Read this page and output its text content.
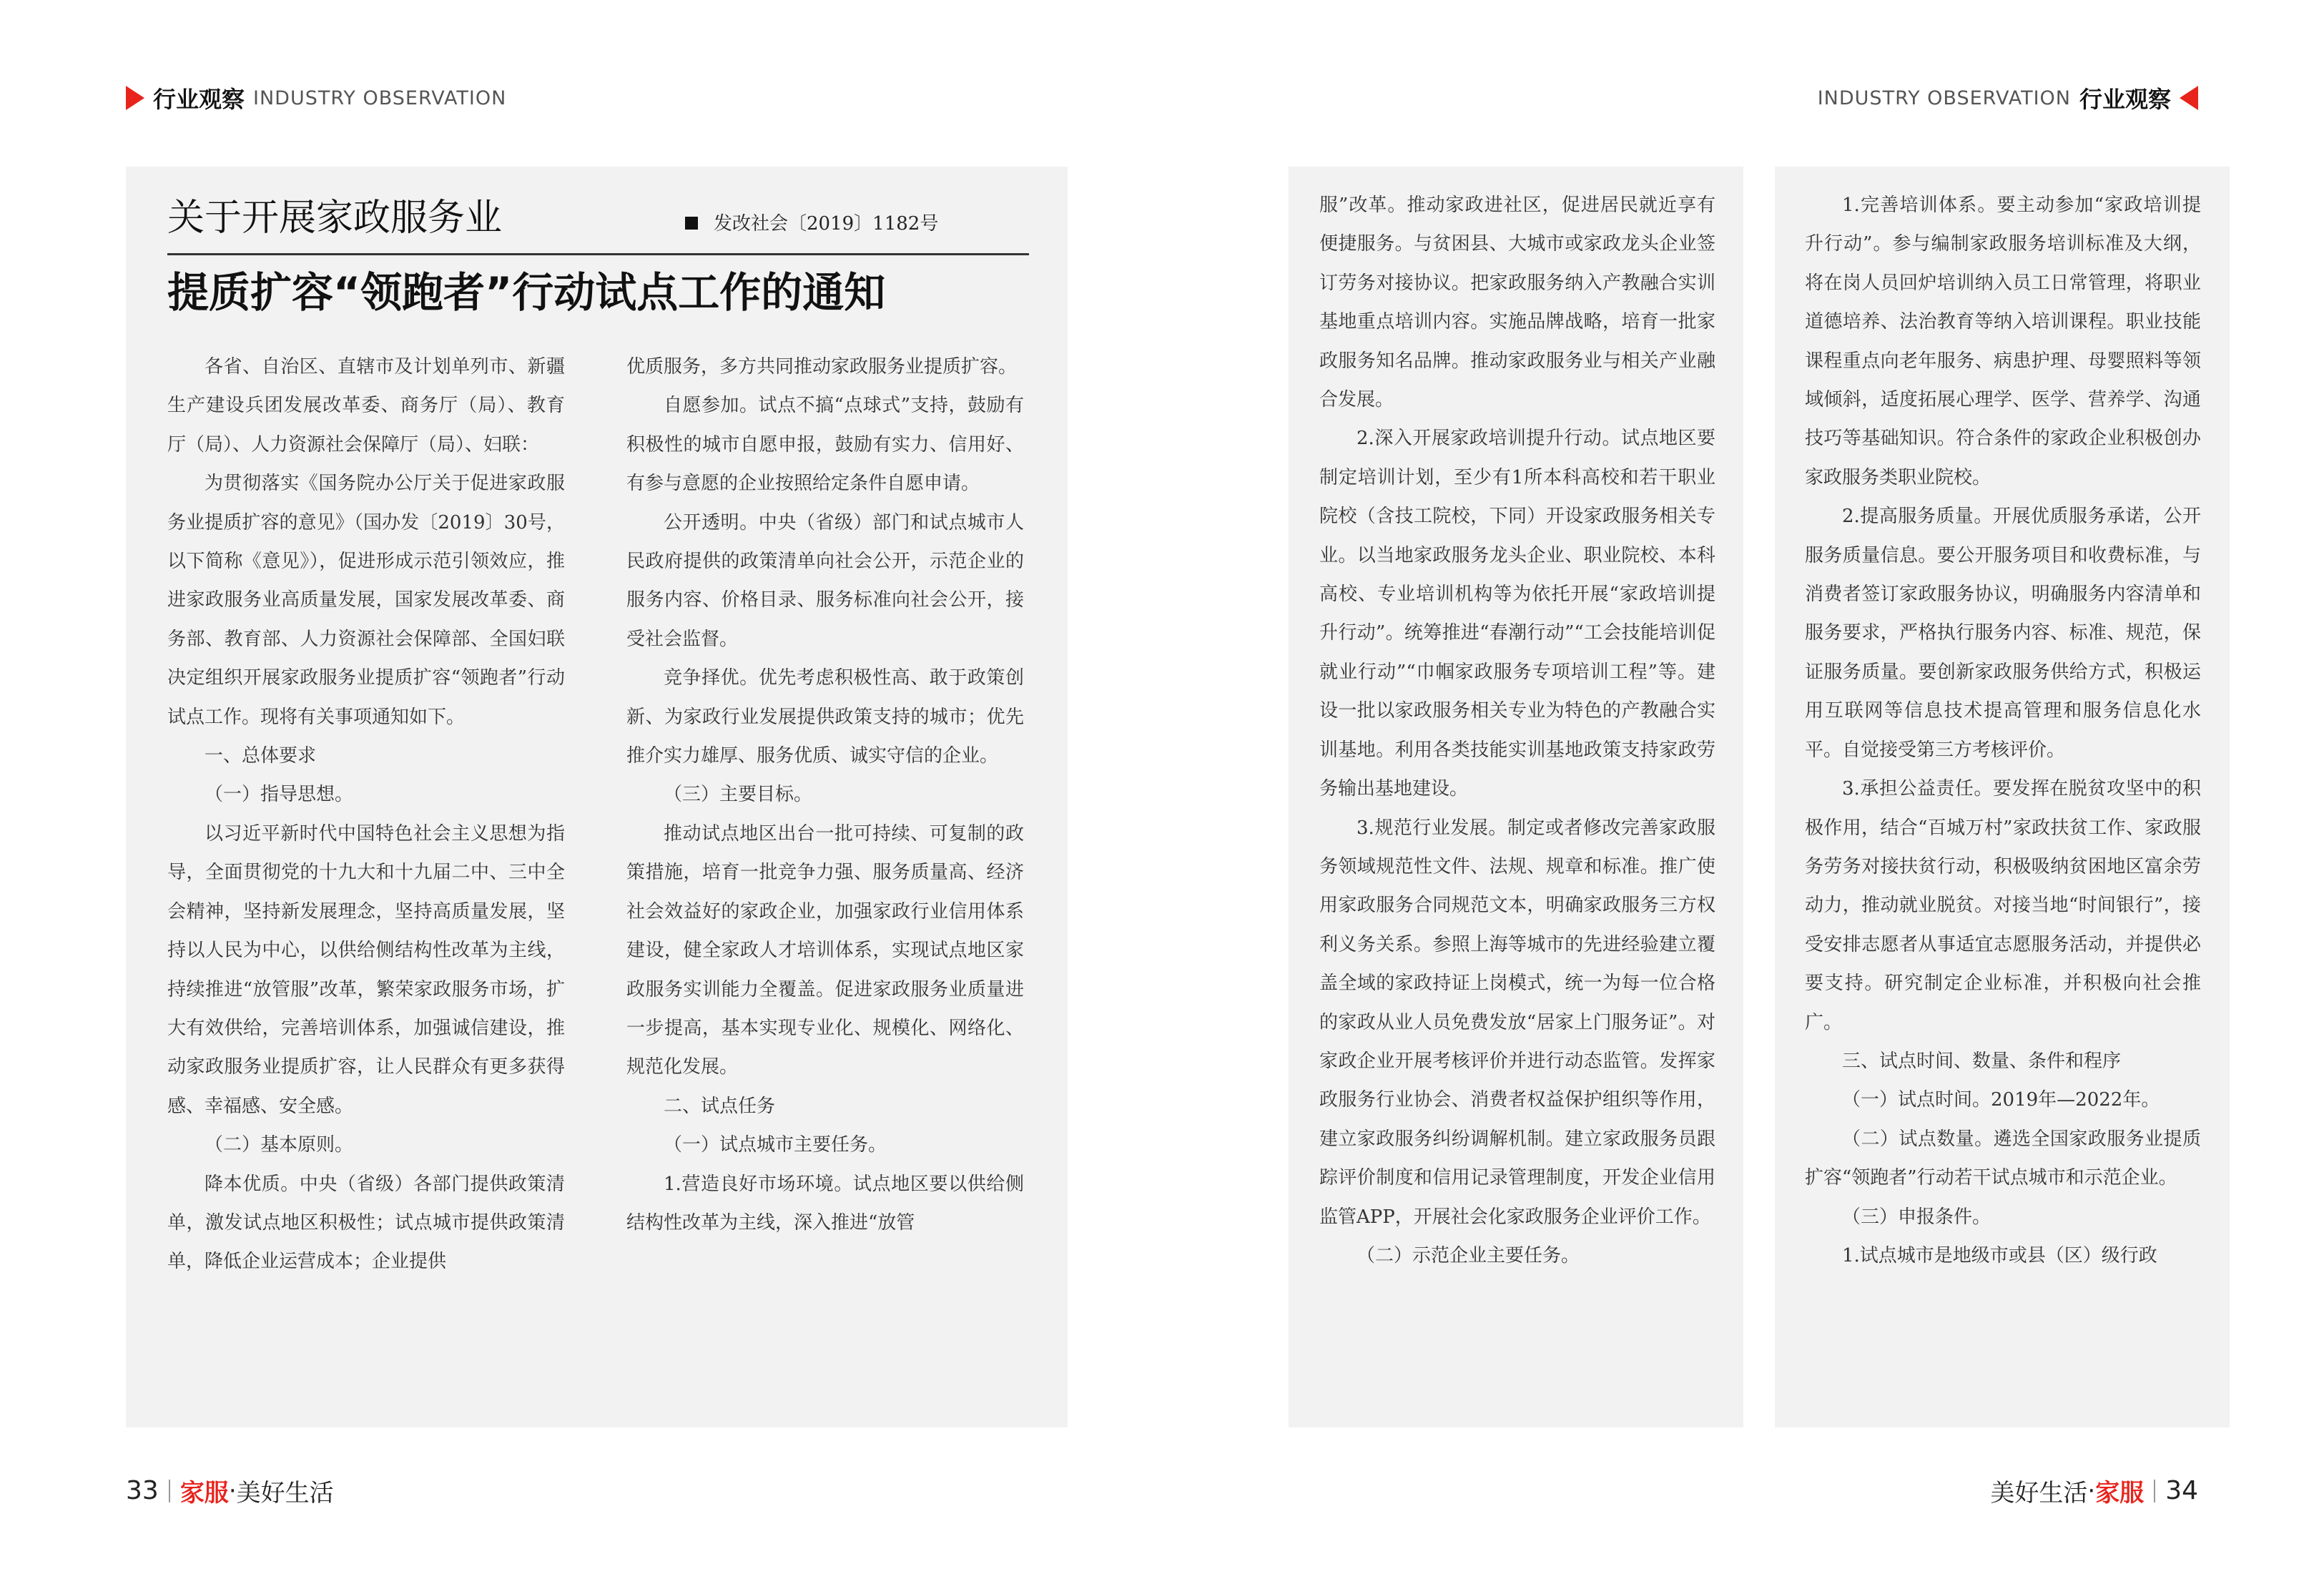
行业观察 INDUSTRY OBSERVATION	INDUSTRY OBSERVATION 行业观察
关于开展家政服务业	发改社会〔2019〕1182号
提质扩容“领跑者”行动试点工作的通知

各省、自治区、直辖市及计划单列市、新疆生产建设兵团发展改革委、商务厅（局）、教育厅（局）、人力资源社会保障厅（局）、妇联：

为贯彻落实《国务院办公厅关于促进家政服务业提质扩容的意见》（国办发〔2019〕30号，以下简称《意见》），促进形成示范引领效应，推进家政服务业高质量发展，国家发展改革委、商务部、教育部、人力资源社会保障部、全国妇联决定组织开展家政服务业提质扩容“领跑者”行动试点工作。现将有关事项通知如下。

一、总体要求

（一）指导思想。

以习近平新时代中国特色社会主义思想为指导，全面贯彻党的十九大和十九届二中、三中全会精神，坚持新发展理念，坚持高质量发展，坚持以人民为中心，以供给侧结构性改革为主线，持续推进“放管服”改革，繁荣家政服务市场，扩大有效供给，完善培训体系，加强诚信建设，推动家政服务业提质扩容，让人民群众有更多获得感、幸福感、安全感。

（二）基本原则。

降本优质。中央（省级）各部门提供政策清单，激发试点地区积极性；试点城市提供政策清单，降低企业运营成本；企业提供

优质服务，多方共同推动家政服务业提质扩容。

自愿参加。试点不搞“点球式”支持，鼓励有积极性的城市自愿申报，鼓励有实力、信用好、有参与意愿的企业按照给定条件自愿申请。

公开透明。中央（省级）部门和试点城市人民政府提供的政策清单向社会公开，示范企业的服务内容、价格目录、服务标准向社会公开，接受社会监督。

竞争择优。优先考虑积极性高、敢于政策创新、为家政行业发展提供政策支持的城市；优先推介实力雄厚、服务优质、诚实守信的企业。

（三）主要目标。

推动试点地区出台一批可持续、可复制的政策措施，培育一批竞争力强、服务质量高、经济社会效益好的家政企业，加强家政行业信用体系建设，健全家政人才培训体系，实现试点地区家政服务实训能力全覆盖。促进家政服务业质量进一步提高，基本实现专业化、规模化、网络化、规范化发展。

二、试点任务

（一）试点城市主要任务。

1.营造良好市场环境。试点地区要以供给侧结构性改革为主线，深入推进“放管

服”改革。推动家政进社区，促进居民就近享有便捷服务。与贫困县、大城市或家政龙头企业签订劳务对接协议。把家政服务纳入产教融合实训基地重点培训内容。实施品牌战略，培育一批家政服务知名品牌。推动家政服务业与相关产业融合发展。

2.深入开展家政培训提升行动。试点地区要制定培训计划，至少有1所本科高校和若干职业院校（含技工院校，下同）开设家政服务相关专业。以当地家政服务龙头企业、职业院校、本科高校、专业培训机构等为依托开展“家政培训提升行动”。统筹推进“春潮行动”“工会技能培训促就业行动”“巾帼家政服务专项培训工程”等。建设一批以家政服务相关专业为特色的产教融合实训基地。利用各类技能实训基地政策支持家政劳务输出基地建设。

3.规范行业发展。制定或者修改完善家政服务领域规范性文件、法规、规章和标准。推广使用家政服务合同规范文本，明确家政服务三方权利义务关系。参照上海等城市的先进经验建立覆盖全域的家政持证上岗模式，统一为每一位合格的家政从业人员免费发放“居家上门服务证”。对家政企业开展考核评价并进行动态监管。发挥家政服务行业协会、消费者权益保护组织等作用，建立家政服务纠纷调解机制。建立家政服务员跟踪评价制度和信用记录管理制度，开发企业信用监管APP，开展社会化家政服务企业评价工作。

（二）示范企业主要任务。

1.完善培训体系。要主动参加“家政培训提升行动”。参与编制家政服务培训标准及大纲，将在岗人员回炉培训纳入员工日常管理，将职业道德培养、法治教育等纳入培训课程。职业技能课程重点向老年服务、病患护理、母婴照料等领域倾斜，适度拓展心理学、医学、营养学、沟通技巧等基础知识。符合条件的家政企业积极创办家政服务类职业院校。

2.提高服务质量。开展优质服务承诺，公开服务质量信息。要公开服务项目和收费标准，与消费者签订家政服务协议，明确服务内容清单和服务要求，严格执行服务内容、标准、规范，保证服务质量。要创新家政服务供给方式，积极运用互联网等信息技术提高管理和服务信息化水平。自觉接受第三方考核评价。

3.承担公益责任。要发挥在脱贫攻坚中的积极作用，结合“百城万村”家政扶贫工作、家政服务劳务对接扶贫行动，积极吸纳贫困地区富余劳动力，推动就业脱贫。对接当地“时间银行”，接受安排志愿者从事适宜志愿服务活动，并提供必要支持。研究制定企业标准，并积极向社会推广。

三、试点时间、数量、条件和程序

（一）试点时间。2019年—2022年。

（二）试点数量。遴选全国家政服务业提质扩容“领跑者”行动若干试点城市和示范企业。

（三）申报条件。

1.试点城市是地级市或县（区）级行政

33 家服 · 美好生活	美好生活 · 家服 34
